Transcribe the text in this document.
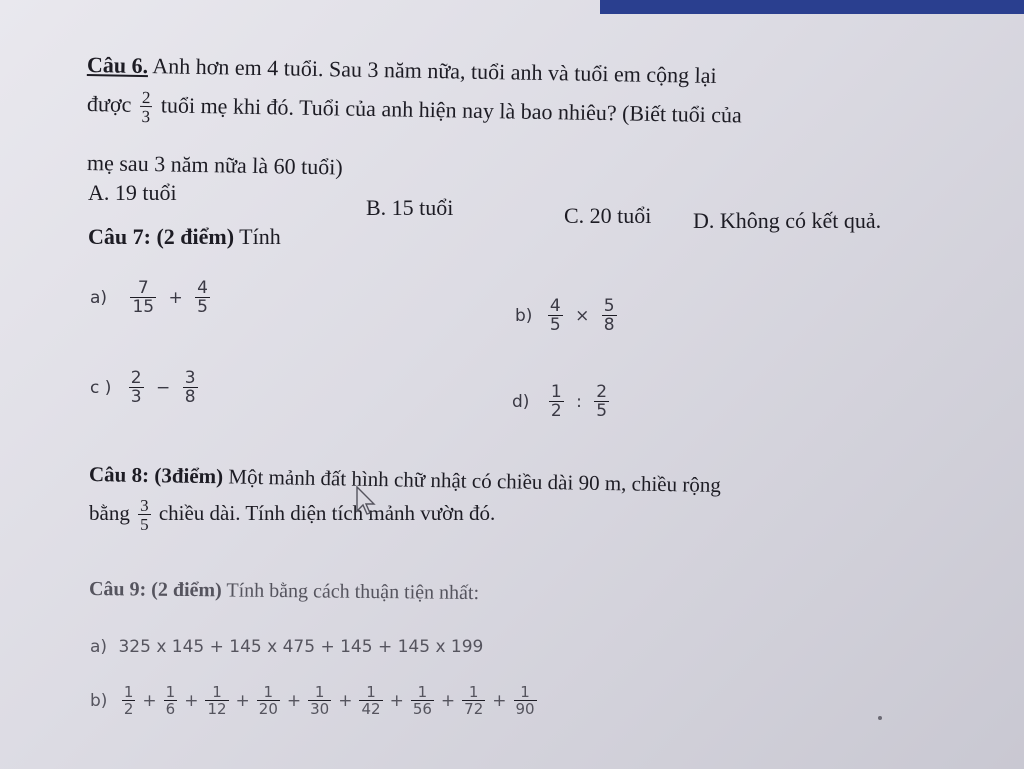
Câu 6. Anh hơn em 4 tuổi. Sau 3 năm nữa, tuổi anh và tuổi em cộng lại
được $\frac{2}{3}$ tuổi mẹ khi đó. Tuổi của anh hiện nay là bao nhiêu? (Biết tuổi của
mẹ sau 3 năm nữa là 60 tuổi)
A. 19 tuổi
B. 15 tuổi	C. 20 tuổi D. Không có kết quả.
Câu 7: (2 điểm) Tính
$a) \frac{7}{15} + \frac{4}{5}$	$b) \frac{4}{5} \times \frac{5}{8}$
c ) $\frac{2}{3} - \frac{3}{8}$	$d) \frac{1}{2}$ : $\frac{2}{5}$
Câu 8: (3điểm) Một mảnh đất hình chữ nhật có chiều dài 90 m, chiều rộng
bằng $\frac{3}{5}$ chiều dài. Tính diện tích mảnh vườn đó.
Câu 9: (2 điểm) Tính bằng cách thuận tiện nhất:
a) 325 x 145 + 145 x 475 + 145 + 145 x 199
$b) \frac{1}{2} + \frac{1}{6} + \frac{1}{12} + \frac{1}{20} + \frac{1}{30} + \frac{1}{42} + \frac{1}{56} + \frac{1}{72} + \frac{1}{90}$
